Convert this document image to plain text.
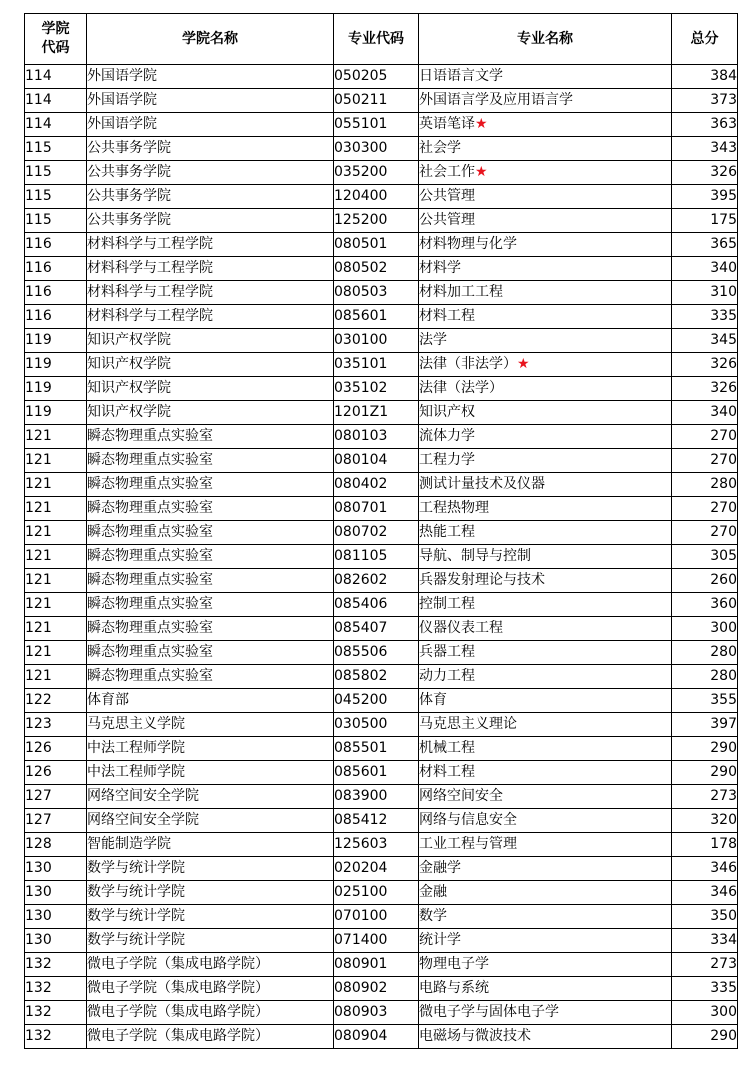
学院
代码	学院名称	专业代码	专业名称	总分
114	外国语学院	050205	日语语言文学	384
114	外国语学院	050211	外国语言学及应用语言学	373
114	外国语学院	055101	英语笔译★	363
115	公共事务学院	030300	社会学	343
115	公共事务学院	035200	社会工作★	326
115	公共事务学院	120400	公共管理	395
115	公共事务学院	125200	公共管理	175
116	材料科学与工程学院	080501	材料物理与化学	365
116	材料科学与工程学院	080502	材料学	340
116	材料科学与工程学院	080503	材料加工工程	310
116	材料科学与工程学院	085601	材料工程	335
119	知识产权学院	030100	法学	345
119	知识产权学院	035101	法律（非法学）★	326
119	知识产权学院	035102	法律（法学）	326
119	知识产权学院	1201Z1	知识产权	340
121	瞬态物理重点实验室	080103	流体力学	270
121	瞬态物理重点实验室	080104	工程力学	270
121	瞬态物理重点实验室	080402	测试计量技术及仪器	280
121	瞬态物理重点实验室	080701	工程热物理	270
121	瞬态物理重点实验室	080702	热能工程	270
121	瞬态物理重点实验室	081105	导航、制导与控制	305
121	瞬态物理重点实验室	082602	兵器发射理论与技术	260
121	瞬态物理重点实验室	085406	控制工程	360
121	瞬态物理重点实验室	085407	仪器仪表工程	300
121	瞬态物理重点实验室	085506	兵器工程	280
121	瞬态物理重点实验室	085802	动力工程	280
122	体育部	045200	体育	355
123	马克思主义学院	030500	马克思主义理论	397
126	中法工程师学院	085501	机械工程	290
126	中法工程师学院	085601	材料工程	290
127	网络空间安全学院	083900	网络空间安全	273
127	网络空间安全学院	085412	网络与信息安全	320
128	智能制造学院	125603	工业工程与管理	178
130	数学与统计学院	020204	金融学	346
130	数学与统计学院	025100	金融	346
130	数学与统计学院	070100	数学	350
130	数学与统计学院	071400	统计学	334
132	微电子学院（集成电路学院）	080901	物理电子学	273
132	微电子学院（集成电路学院）	080902	电路与系统	335
132	微电子学院（集成电路学院）	080903	微电子学与固体电子学	300
132	微电子学院（集成电路学院）	080904	电磁场与微波技术	290
